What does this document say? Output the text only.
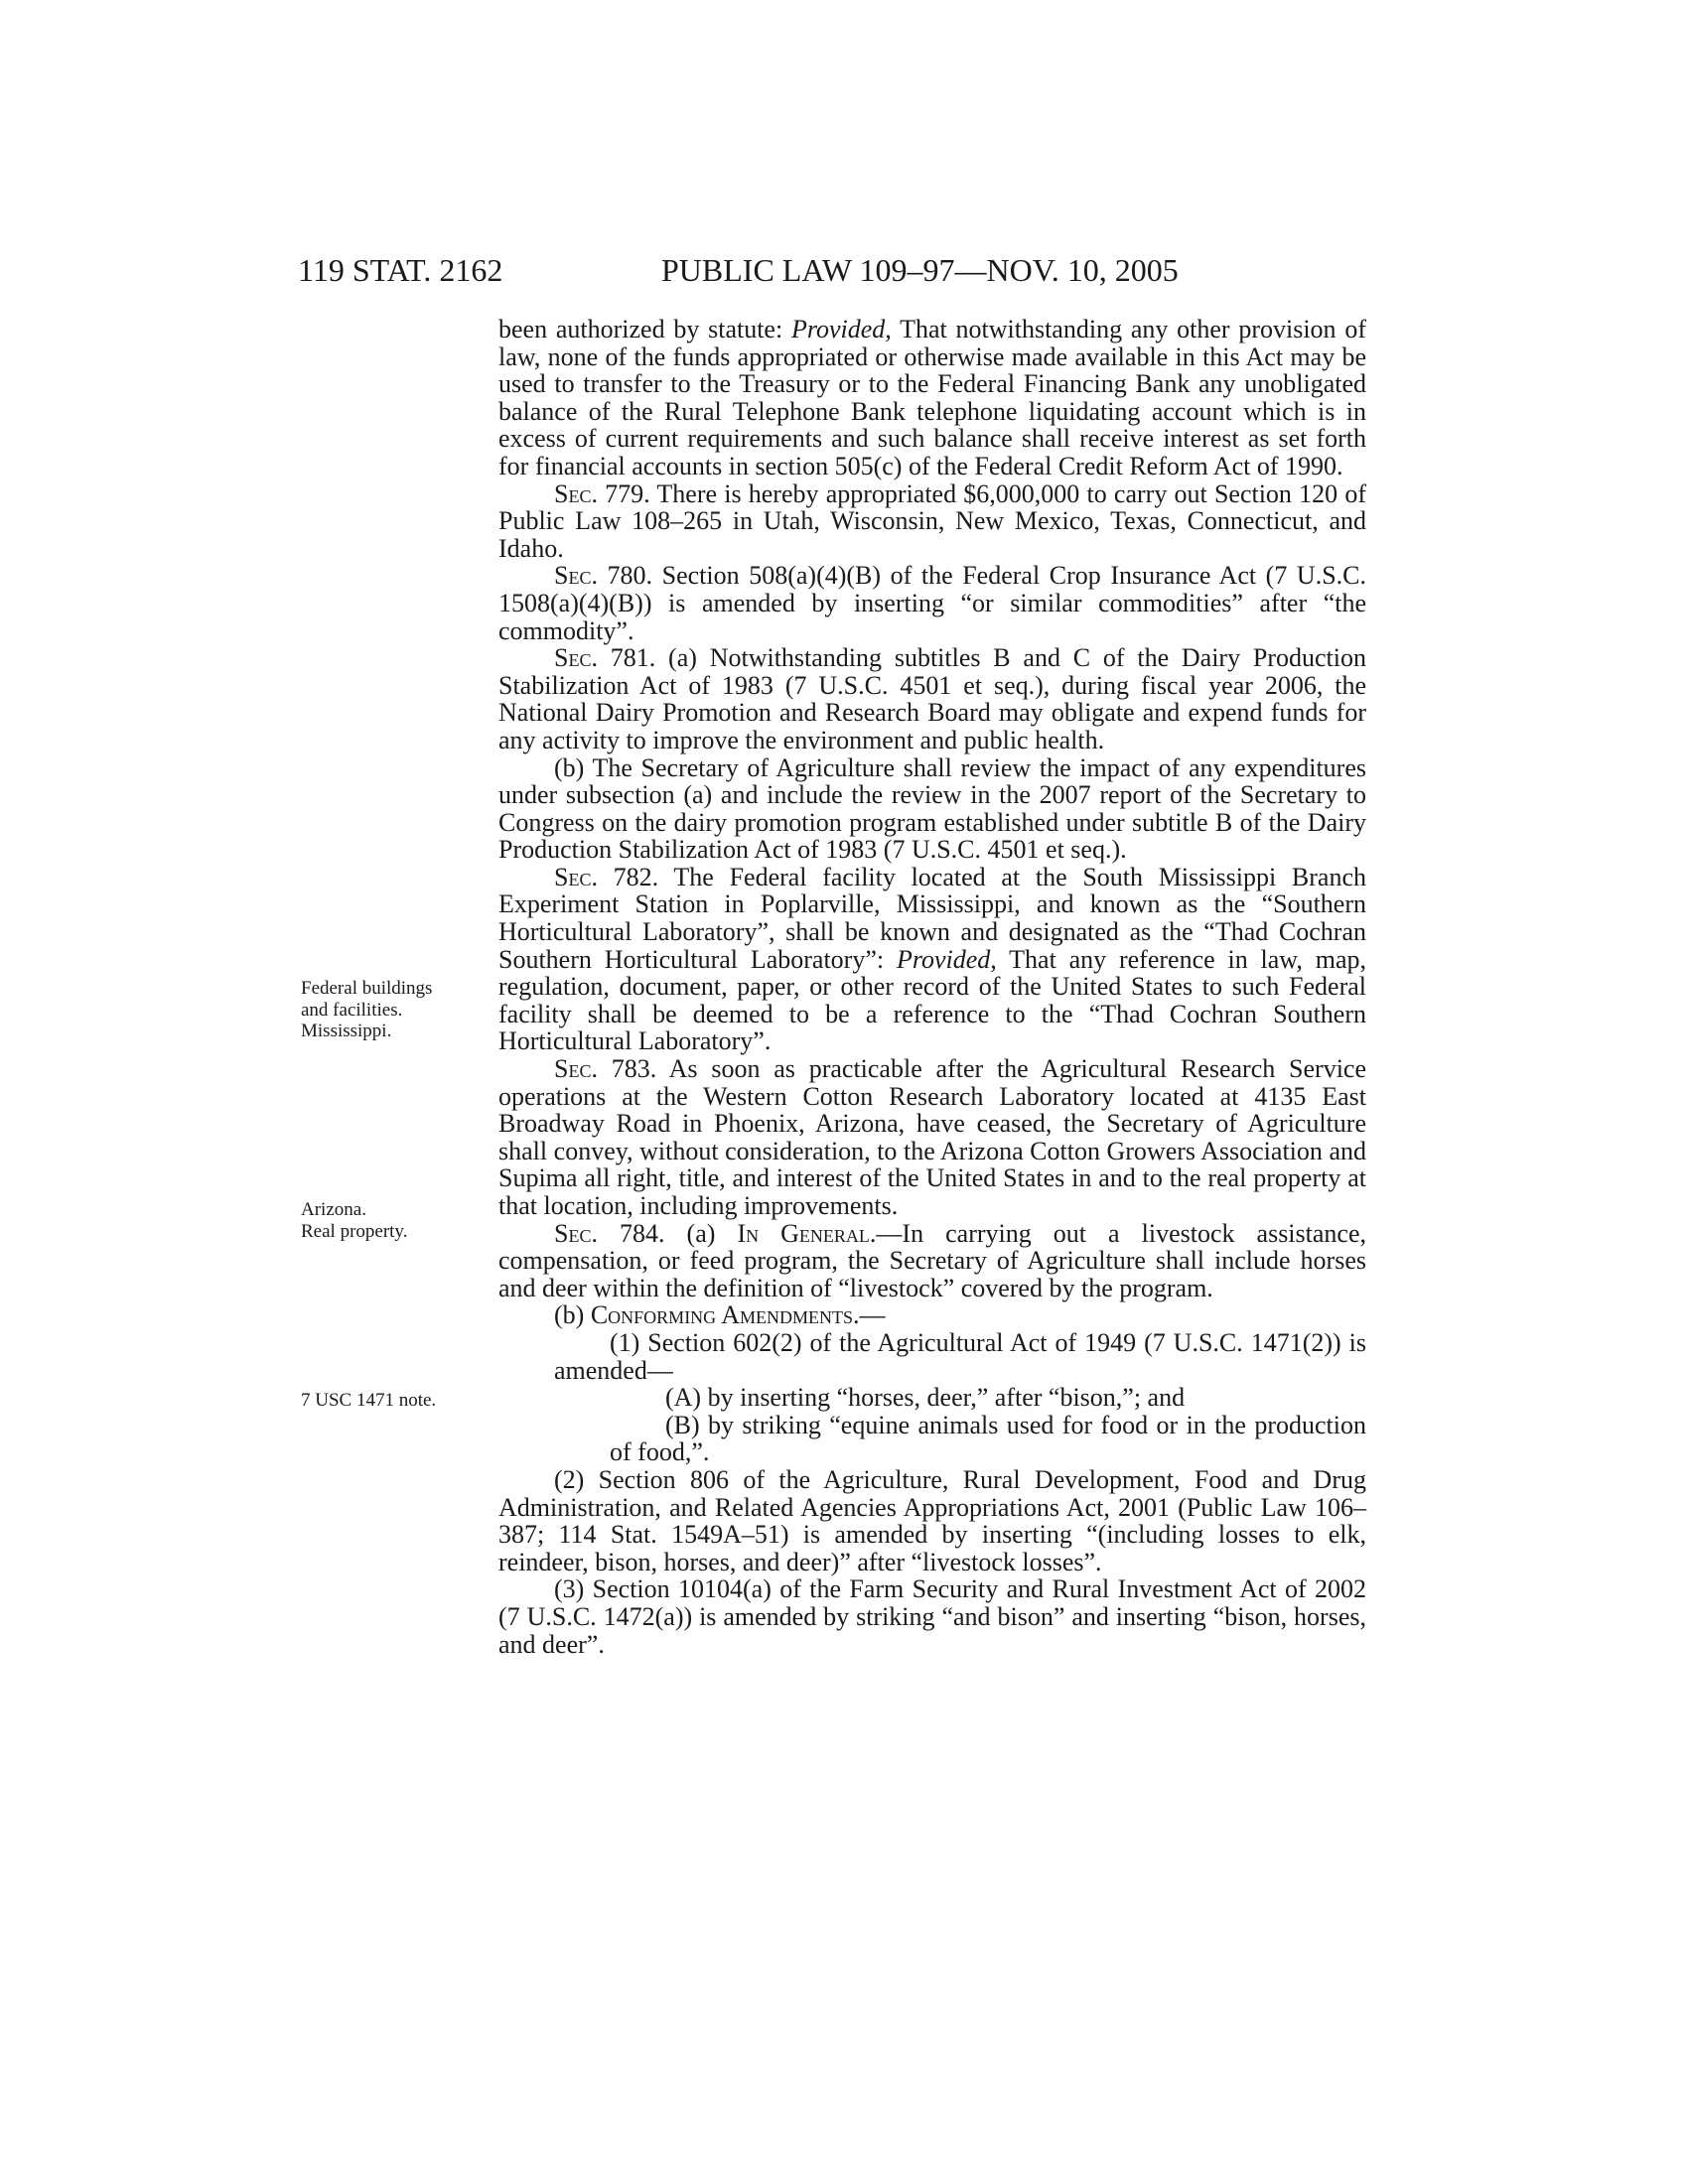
119 STAT. 2162	PUBLIC LAW 109–97—NOV. 10, 2005
Federal buildings
and facilities.
Mississippi.
Arizona.
Real property.
7 USC 1471 note.

been authorized by statute: Provided, That notwithstanding any other provision of law, none of the funds appropriated or otherwise made available in this Act may be used to transfer to the Treasury or to the Federal Financing Bank any unobligated balance of the Rural Telephone Bank telephone liquidating account which is in excess of current requirements and such balance shall receive interest as set forth for financial accounts in section 505(c) of the Federal Credit Reform Act of 1990.

Sec. 779. There is hereby appropriated $6,000,000 to carry out Section 120 of Public Law 108–265 in Utah, Wisconsin, New Mexico, Texas, Connecticut, and Idaho.

Sec. 780. Section 508(a)(4)(B) of the Federal Crop Insurance Act (7 U.S.C. 1508(a)(4)(B)) is amended by inserting “or similar commodities” after “the commodity”.

Sec. 781. (a) Notwithstanding subtitles B and C of the Dairy Production Stabilization Act of 1983 (7 U.S.C. 4501 et seq.), during fiscal year 2006, the National Dairy Promotion and Research Board may obligate and expend funds for any activity to improve the environment and public health.

(b) The Secretary of Agriculture shall review the impact of any expenditures under subsection (a) and include the review in the 2007 report of the Secretary to Congress on the dairy promotion program established under subtitle B of the Dairy Production Stabilization Act of 1983 (7 U.S.C. 4501 et seq.).

Sec. 782. The Federal facility located at the South Mississippi Branch Experiment Station in Poplarville, Mississippi, and known as the “Southern Horticultural Laboratory”, shall be known and designated as the “Thad Cochran Southern Horticultural Laboratory”: Provided, That any reference in law, map, regulation, document, paper, or other record of the United States to such Federal facility shall be deemed to be a reference to the “Thad Cochran Southern Horticultural Laboratory”.

Sec. 783. As soon as practicable after the Agricultural Research Service operations at the Western Cotton Research Laboratory located at 4135 East Broadway Road in Phoenix, Arizona, have ceased, the Secretary of Agriculture shall convey, without consideration, to the Arizona Cotton Growers Association and Supima all right, title, and interest of the United States in and to the real property at that location, including improvements.

Sec. 784. (a) In General.—In carrying out a livestock assistance, compensation, or feed program, the Secretary of Agriculture shall include horses and deer within the definition of “livestock” covered by the program.

(b) Conforming Amendments.—

(1) Section 602(2) of the Agricultural Act of 1949 (7 U.S.C. 1471(2)) is amended—

(A) by inserting “horses, deer,” after “bison,”; and

(B) by striking “equine animals used for food or in the production of food,”.

(2) Section 806 of the Agriculture, Rural Development, Food and Drug Administration, and Related Agencies Appropriations Act, 2001 (Public Law 106–387; 114 Stat. 1549A–51) is amended by inserting “(including losses to elk, reindeer, bison, horses, and deer)” after “livestock losses”.

(3) Section 10104(a) of the Farm Security and Rural Investment Act of 2002 (7 U.S.C. 1472(a)) is amended by striking “and bison” and inserting “bison, horses, and deer”.
